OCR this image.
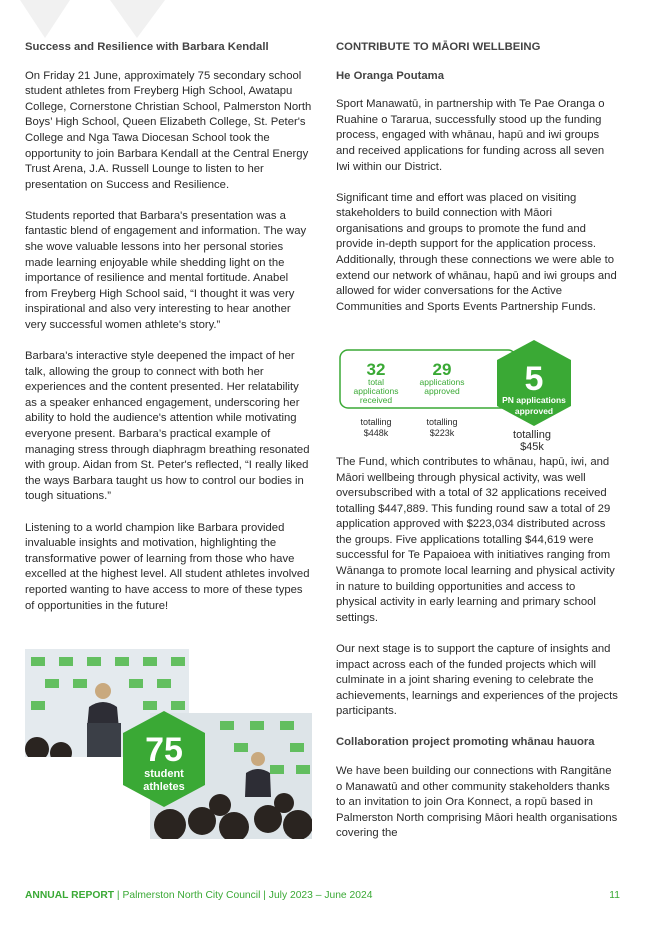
Success and Resilience with Barbara Kendall

On Friday 21 June, approximately 75 secondary school student athletes from Freyberg High School, Awatapu College, Cornerstone Christian School, Palmerston North Boys’ High School, Queen Elizabeth College, St. Peter's College and Nga Tawa Diocesan School took the opportunity to join Barbara Kendall at the Central Energy Trust Arena, J.A. Russell Lounge to listen to her presentation on Success and Resilience.

Students reported that Barbara's presentation was a fantastic blend of engagement and information. The way she wove valuable lessons into her personal stories made learning enjoyable while shedding light on the importance of resilience and mental fortitude. Anabel from Freyberg High School said, “I thought it was very inspirational and also very interesting to hear another very successful women athlete's story.”

Barbara's interactive style deepened the impact of her talk, allowing the group to connect with both her experiences and the content presented. Her relatability as a speaker enhanced engagement, underscoring her ability to hold the audience's attention while motivating everyone present. Barbara’s practical example of managing stress through diaphragm breathing resonated with group. Aidan from St. Peter's reflected, “I really liked the ways Barbara taught us how to control our bodies in tough situations.”

Listening to a world champion like Barbara provided invaluable insights and motivation, highlighting the transformative power of learning from those who have excelled at the highest level. All student athletes involved reported wanting to have access to more of these types of opportunities in the future!

75
student
athletes
CONTRIBUTE TO MĀORI WELLBEING
He Oranga Poutama

Sport Manawatū, in partnership with Te Pae Oranga o Ruahine o Tararua, successfully stood up the funding process, engaged with whānau, hapū and iwi groups and received applications for funding across all seven Iwi within our District.

Significant time and effort was placed on visiting stakeholders to build connection with Māori organisations and groups to promote the fund and provide in-depth support for the application process. Additionally, through these connections we were able to extend our network of whānau, hapū and iwi groups and allowed for wider conversations for the Active Communities and Sports Events Partnership Funds.

The Fund, which contributes to whānau, hapū, iwi, and Māori wellbeing through physical activity, was well oversubscribed with a total of 32 applications received totalling $447,889. This funding round saw a total of 29 application approved with $223,034 distributed across the groups. Five applications totalling $44,619 were successful for Te Papaioea with initiatives ranging from Wānanga to promote local learning and physical activity in nature to building opportunities and access to physical activity in early learning and primary school settings.

Our next stage is to support the capture of insights and impact across each of the funded projects which will culminate in a joint sharing evening to celebrate the achievements, learnings and experiences of the projects participants.

Collaboration project promoting whānau hauora

We have been building our connections with Rangitāne o Manawatū and other community stakeholders thanks to an invitation to join Ora Konnect, a ropū based in Palmerston North comprising Māori health organisations covering the

32
total
applications
received
29
applications
approved 5
PN applications
approved
totalling
$448k
totalling
$223k	totalling
$45k
ANNUAL REPORT | Palmerston North City Council | July 2023 – June 2024	11
